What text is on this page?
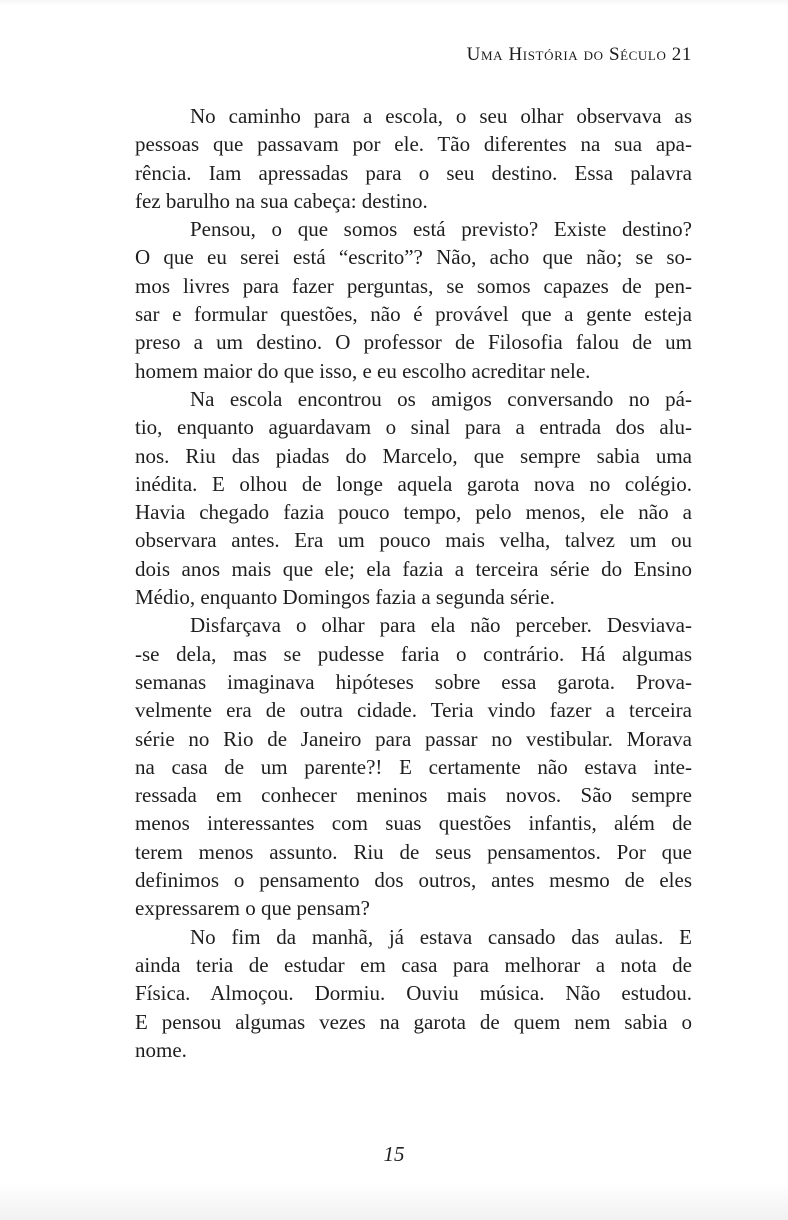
Uma História do Século 21
No caminho para a escola, o seu olhar observava as
pessoas que passavam por ele. Tão diferentes na sua apa-
rência. Iam apressadas para o seu destino. Essa palavra
fez barulho na sua cabeça: destino.
Pensou, o que somos está previsto? Existe destino?
O que eu serei está “escrito”? Não, acho que não; se so-
mos livres para fazer perguntas, se somos capazes de pen-
sar e formular questões, não é provável que a gente esteja
preso a um destino. O professor de Filosofia falou de um
homem maior do que isso, e eu escolho acreditar nele.
Na escola encontrou os amigos conversando no pá-
tio, enquanto aguardavam o sinal para a entrada dos alu-
nos. Riu das piadas do Marcelo, que sempre sabia uma
inédita. E olhou de longe aquela garota nova no colégio.
Havia chegado fazia pouco tempo, pelo menos, ele não a
observara antes. Era um pouco mais velha, talvez um ou
dois anos mais que ele; ela fazia a terceira série do Ensino
Médio, enquanto Domingos fazia a segunda série.
Disfarçava o olhar para ela não perceber. Desviava-
-se dela, mas se pudesse faria o contrário. Há algumas
semanas imaginava hipóteses sobre essa garota. Prova-
velmente era de outra cidade. Teria vindo fazer a terceira
série no Rio de Janeiro para passar no vestibular. Morava
na casa de um parente?! E certamente não estava inte-
ressada em conhecer meninos mais novos. São sempre
menos interessantes com suas questões infantis, além de
terem menos assunto. Riu de seus pensamentos. Por que
definimos o pensamento dos outros, antes mesmo de eles
expressarem o que pensam?
No fim da manhã, já estava cansado das aulas. E
ainda teria de estudar em casa para melhorar a nota de
Física. Almoçou. Dormiu. Ouviu música. Não estudou.
E pensou algumas vezes na garota de quem nem sabia o
nome.
15
